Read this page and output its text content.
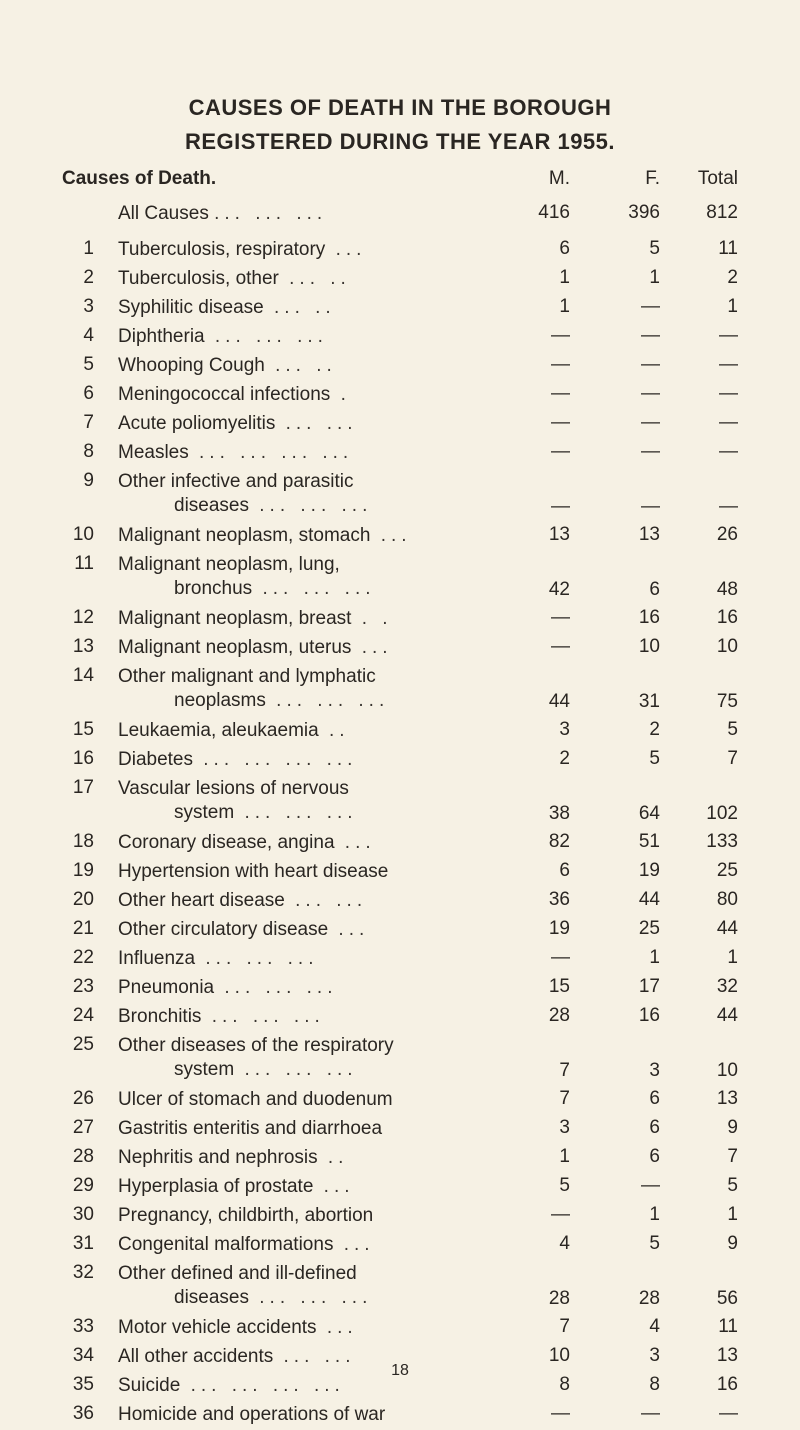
CAUSES OF DEATH IN THE BOROUGH
REGISTERED DURING THE YEAR 1955.
Causes of Death.	M.	F.	Total
All Causes ... ... ...	416	396	812
1 Tuberculosis, respiratory ...	6	5	11
2 Tuberculosis, other ... ..	1	1	2
3 Syphilitic disease ... ..	1	—	1
4 Diphtheria ... ... ...	—	—	—
5 Whooping Cough ... ..	—	—	—
6 Meningococcal infections .	—	—	—
7 Acute poliomyelitis ... ...	—	—	—
8 Measles ... ... ... ...	—	—	—
9 Other infective and parasitic
diseases ... ... ...	—	—	—
10 Malignant neoplasm, stomach ...	13	13	26
11 Malignant neoplasm, lung,
bronchus ... ... ...	42	6	48
12 Malignant neoplasm, breast . .	—	16	16
13 Malignant neoplasm, uterus ...	—	10	10
14 Other malignant and lymphatic
neoplasms ... ... ...	44	31	75
15 Leukaemia, aleukaemia ..	3	2	5
16 Diabetes ... ... ... ...	2	5	7
17 Vascular lesions of nervous
system ... ... ...	38	64	102
18 Coronary disease, angina ...	82	51	133
19 Hypertension with heart disease	6	19	25
20 Other heart disease ... ...	36	44	80
21 Other circulatory disease ...	19	25	44
22 Influenza ... ... ...	—	1	1
23 Pneumonia ... ... ...	15	17	32
24 Bronchitis ... ... ...	28	16	44
25 Other diseases of the respiratory
system ... ... ...	7	3	10
26 Ulcer of stomach and duodenum	7	6	13
27 Gastritis enteritis and diarrhoea	3	6	9
28 Nephritis and nephrosis ..	1	6	7
29 Hyperplasia of prostate ...	5	—	5
30 Pregnancy, childbirth, abortion	—	1	1
31 Congenital malformations ...	4	5	9
32 Other defined and ill-defined
diseases ... ... ...	28	28	56
33 Motor vehicle accidents ...	7	4	11
34 All other accidents ... ...	10	3	13
35 Suicide ... ... ... ...	8	8	16
36 Homicide and operations of war	—	—	—
18
